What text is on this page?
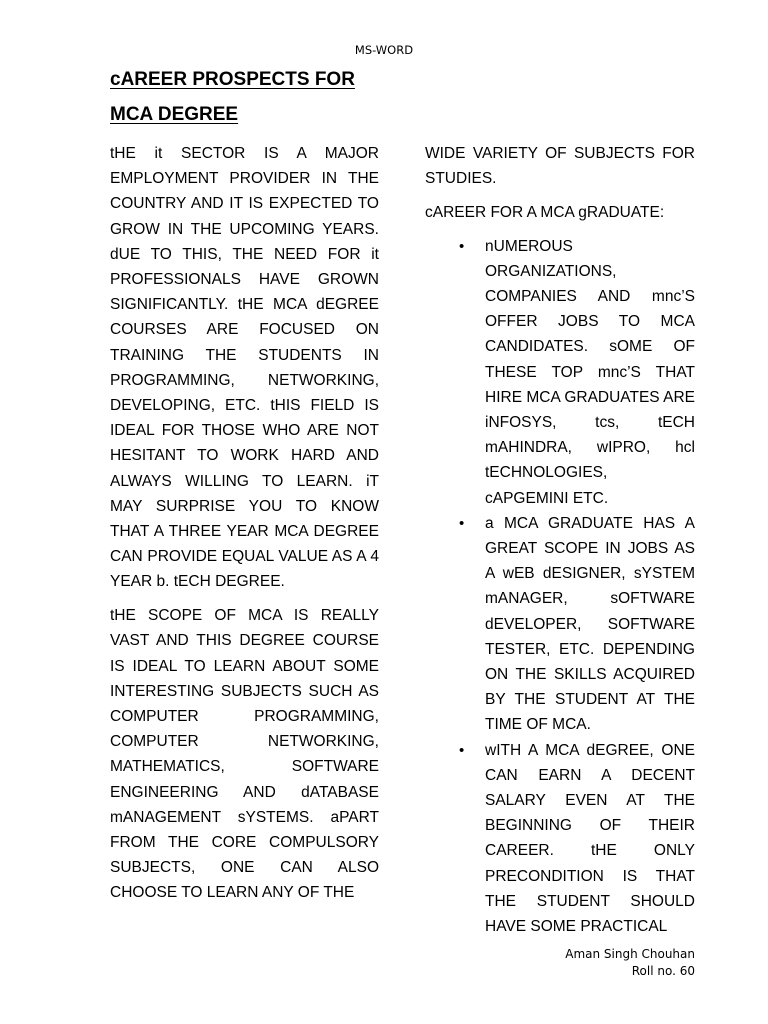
MS-WORD
cAREER PROSPECTS FOR
MCA DEGREE

tHE it SECTOR IS A MAJOR EMPLOYMENT PROVIDER IN THE COUNTRY AND IT IS EXPECTED TO GROW IN THE UPCOMING YEARS. dUE TO THIS, THE NEED FOR it PROFESSIONALS HAVE GROWN SIGNIFICANTLY. tHE MCA dEGREE COURSES ARE FOCUSED ON TRAINING THE STUDENTS IN PROGRAMMING, NETWORKING, DEVELOPING, ETC. tHIS FIELD IS IDEAL FOR THOSE WHO ARE NOT HESITANT TO WORK HARD AND ALWAYS WILLING TO LEARN. iT MAY SURPRISE YOU TO KNOW THAT A THREE YEAR MCA DEGREE CAN PROVIDE EQUAL VALUE AS A 4 YEAR b. tECH DEGREE.

tHE SCOPE OF MCA IS REALLY VAST AND THIS DEGREE COURSE IS IDEAL TO LEARN ABOUT SOME INTERESTING SUBJECTS SUCH AS COMPUTER PROGRAMMING, COMPUTER NETWORKING, MATHEMATICS, SOFTWARE ENGINEERING AND dATABASE mANAGEMENT sYSTEMS. aPART FROM THE CORE COMPULSORY SUBJECTS, ONE CAN ALSO CHOOSE TO LEARN ANY OF THE

WIDE VARIETY OF SUBJECTS FOR STUDIES.

cAREER FOR A MCA gRADUATE:

• nUMEROUS ORGANIZATIONS, COMPANIES AND mnc’S OFFER JOBS TO MCA CANDIDATES. sOME OF THESE TOP mnc’S THAT HIRE MCA GRADUATES ARE iNFOSYS, tcs, tECH mAHINDRA, wIPRO, hcl tECHNOLOGIES, cAPGEMINI ETC.
• a MCA GRADUATE HAS A GREAT SCOPE IN JOBS AS A wEB dESIGNER, sYSTEM mANAGER, sOFTWARE dEVELOPER, SOFTWARE TESTER, ETC. DEPENDING ON THE SKILLS ACQUIRED BY THE STUDENT AT THE TIME OF MCA.
• wITH A MCA dEGREE, ONE CAN EARN A DECENT SALARY EVEN AT THE BEGINNING OF THEIR CAREER. tHE ONLY PRECONDITION IS THAT THE STUDENT SHOULD HAVE SOME PRACTICAL
Aman Singh Chouhan
Roll no. 60
